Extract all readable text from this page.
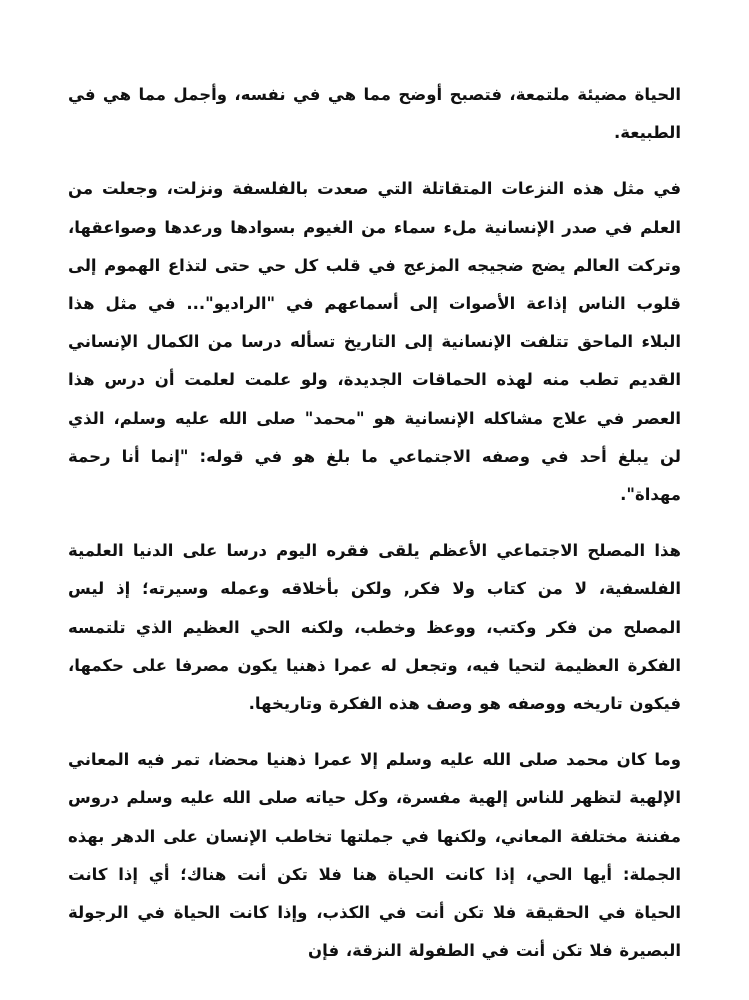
الحياة مضيئة ملتمعة، فتصبح أوضح مما هي في نفسه، وأجمل مما هي في الطبيعة.

في مثل هذه النزعات المتقاتلة التي صعدت بالفلسفة ونزلت، وجعلت من العلم في صدر الإنسانية ملء سماء من الغيوم بسوادها ورعدها وصواعقها، وتركت العالم يضج ضجيجه المزعج في قلب كل حي حتى لتذاع الهموم إلى قلوب الناس إذاعة الأصوات إلى أسماعهم في "الراديو"... في مثل هذا البلاء الماحق تتلفت الإنسانية إلى التاريخ تسأله درسا من الكمال الإنساني القديم تطب منه لهذه الحماقات الجديدة، ولو علمت لعلمت أن درس هذا العصر في علاج مشاكله الإنسانية هو "محمد" صلى الله عليه وسلم، الذي لن يبلغ أحد في وصفه الاجتماعي ما بلغ هو في قوله: "إنما أنا رحمة مهداة".

هذا المصلح الاجتماعي الأعظم يلقى فقره اليوم درسا على الدنيا العلمية الفلسفية، لا من كتاب ولا فكر, ولكن بأخلاقه وعمله وسيرته؛ إذ ليس المصلح من فكر وكتب، ووعظ وخطب، ولكنه الحي العظيم الذي تلتمسه الفكرة العظيمة لتحيا فيه، وتجعل له عمرا ذهنيا يكون مصرفا على حكمها، فيكون تاريخه ووصفه هو وصف هذه الفكرة وتاريخها.

وما كان محمد صلى الله عليه وسلم إلا عمرا ذهنيا محضا، تمر فيه المعاني الإلهية لتظهر للناس إلهية مفسرة، وكل حياته صلى الله عليه وسلم دروس مفننة مختلفة المعاني، ولكنها في جملتها تخاطب الإنسان على الدهر بهذه الجملة: أيها الحي، إذا كانت الحياة هنا فلا تكن أنت هناك؛ أي إذا كانت الحياة في الحقيقة فلا تكن أنت في الكذب، وإذا كانت الحياة في الرجولة البصيرة فلا تكن أنت في الطفولة النزقة، فإن
